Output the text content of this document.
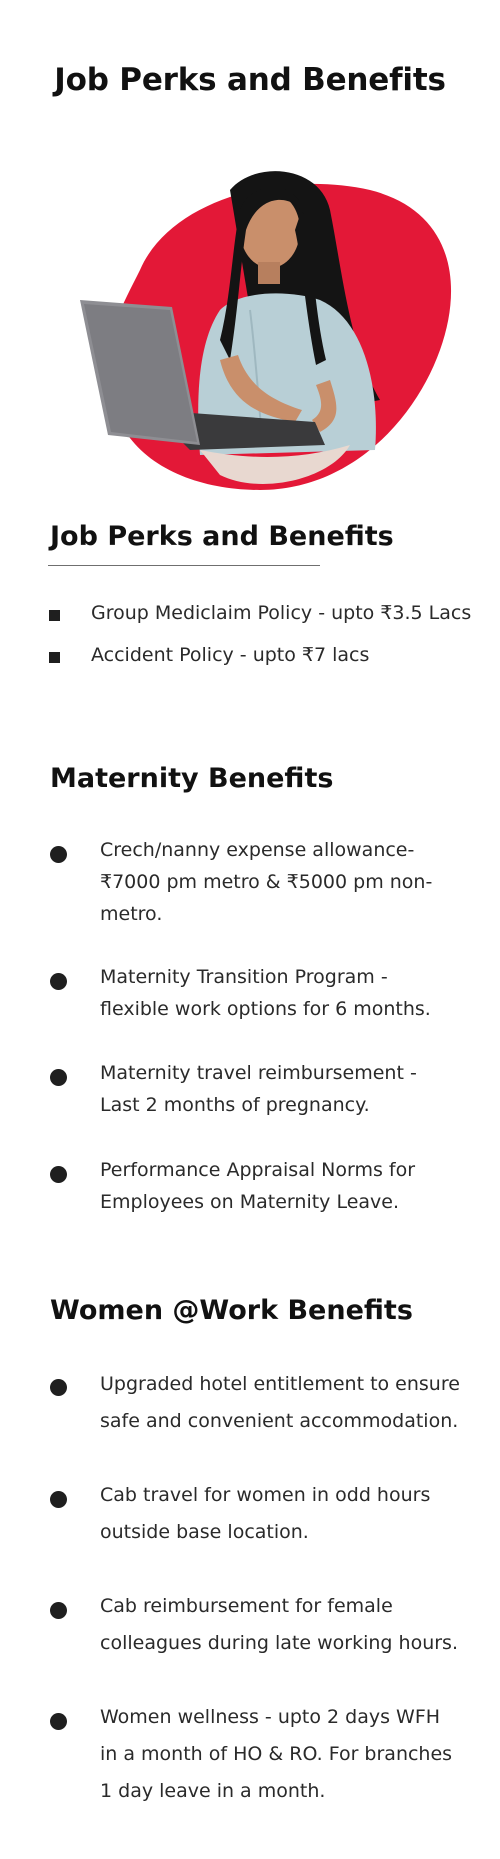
Job Perks and Benefits
Job Perks and Benefits
Group Mediclaim Policy - upto ₹3.5 Lacs
Accident Policy - upto ₹7 lacs
Maternity Benefits
Crech/nanny expense allowance- ₹7000 pm metro & ₹5000 pm non- metro.
Maternity Transition Program - flexible work options for 6 months.
Maternity travel reimbursement - Last 2 months of pregnancy.
Performance Appraisal Norms for Employees on Maternity Leave.
Women @Work Benefits
Upgraded hotel entitlement to ensure safe and convenient accommodation.
Cab travel for women in odd hours outside base location.
Cab reimbursement for female colleagues during late working hours.
Women wellness - upto 2 days WFH in a month of HO & RO. For branches 1 day leave in a month.
